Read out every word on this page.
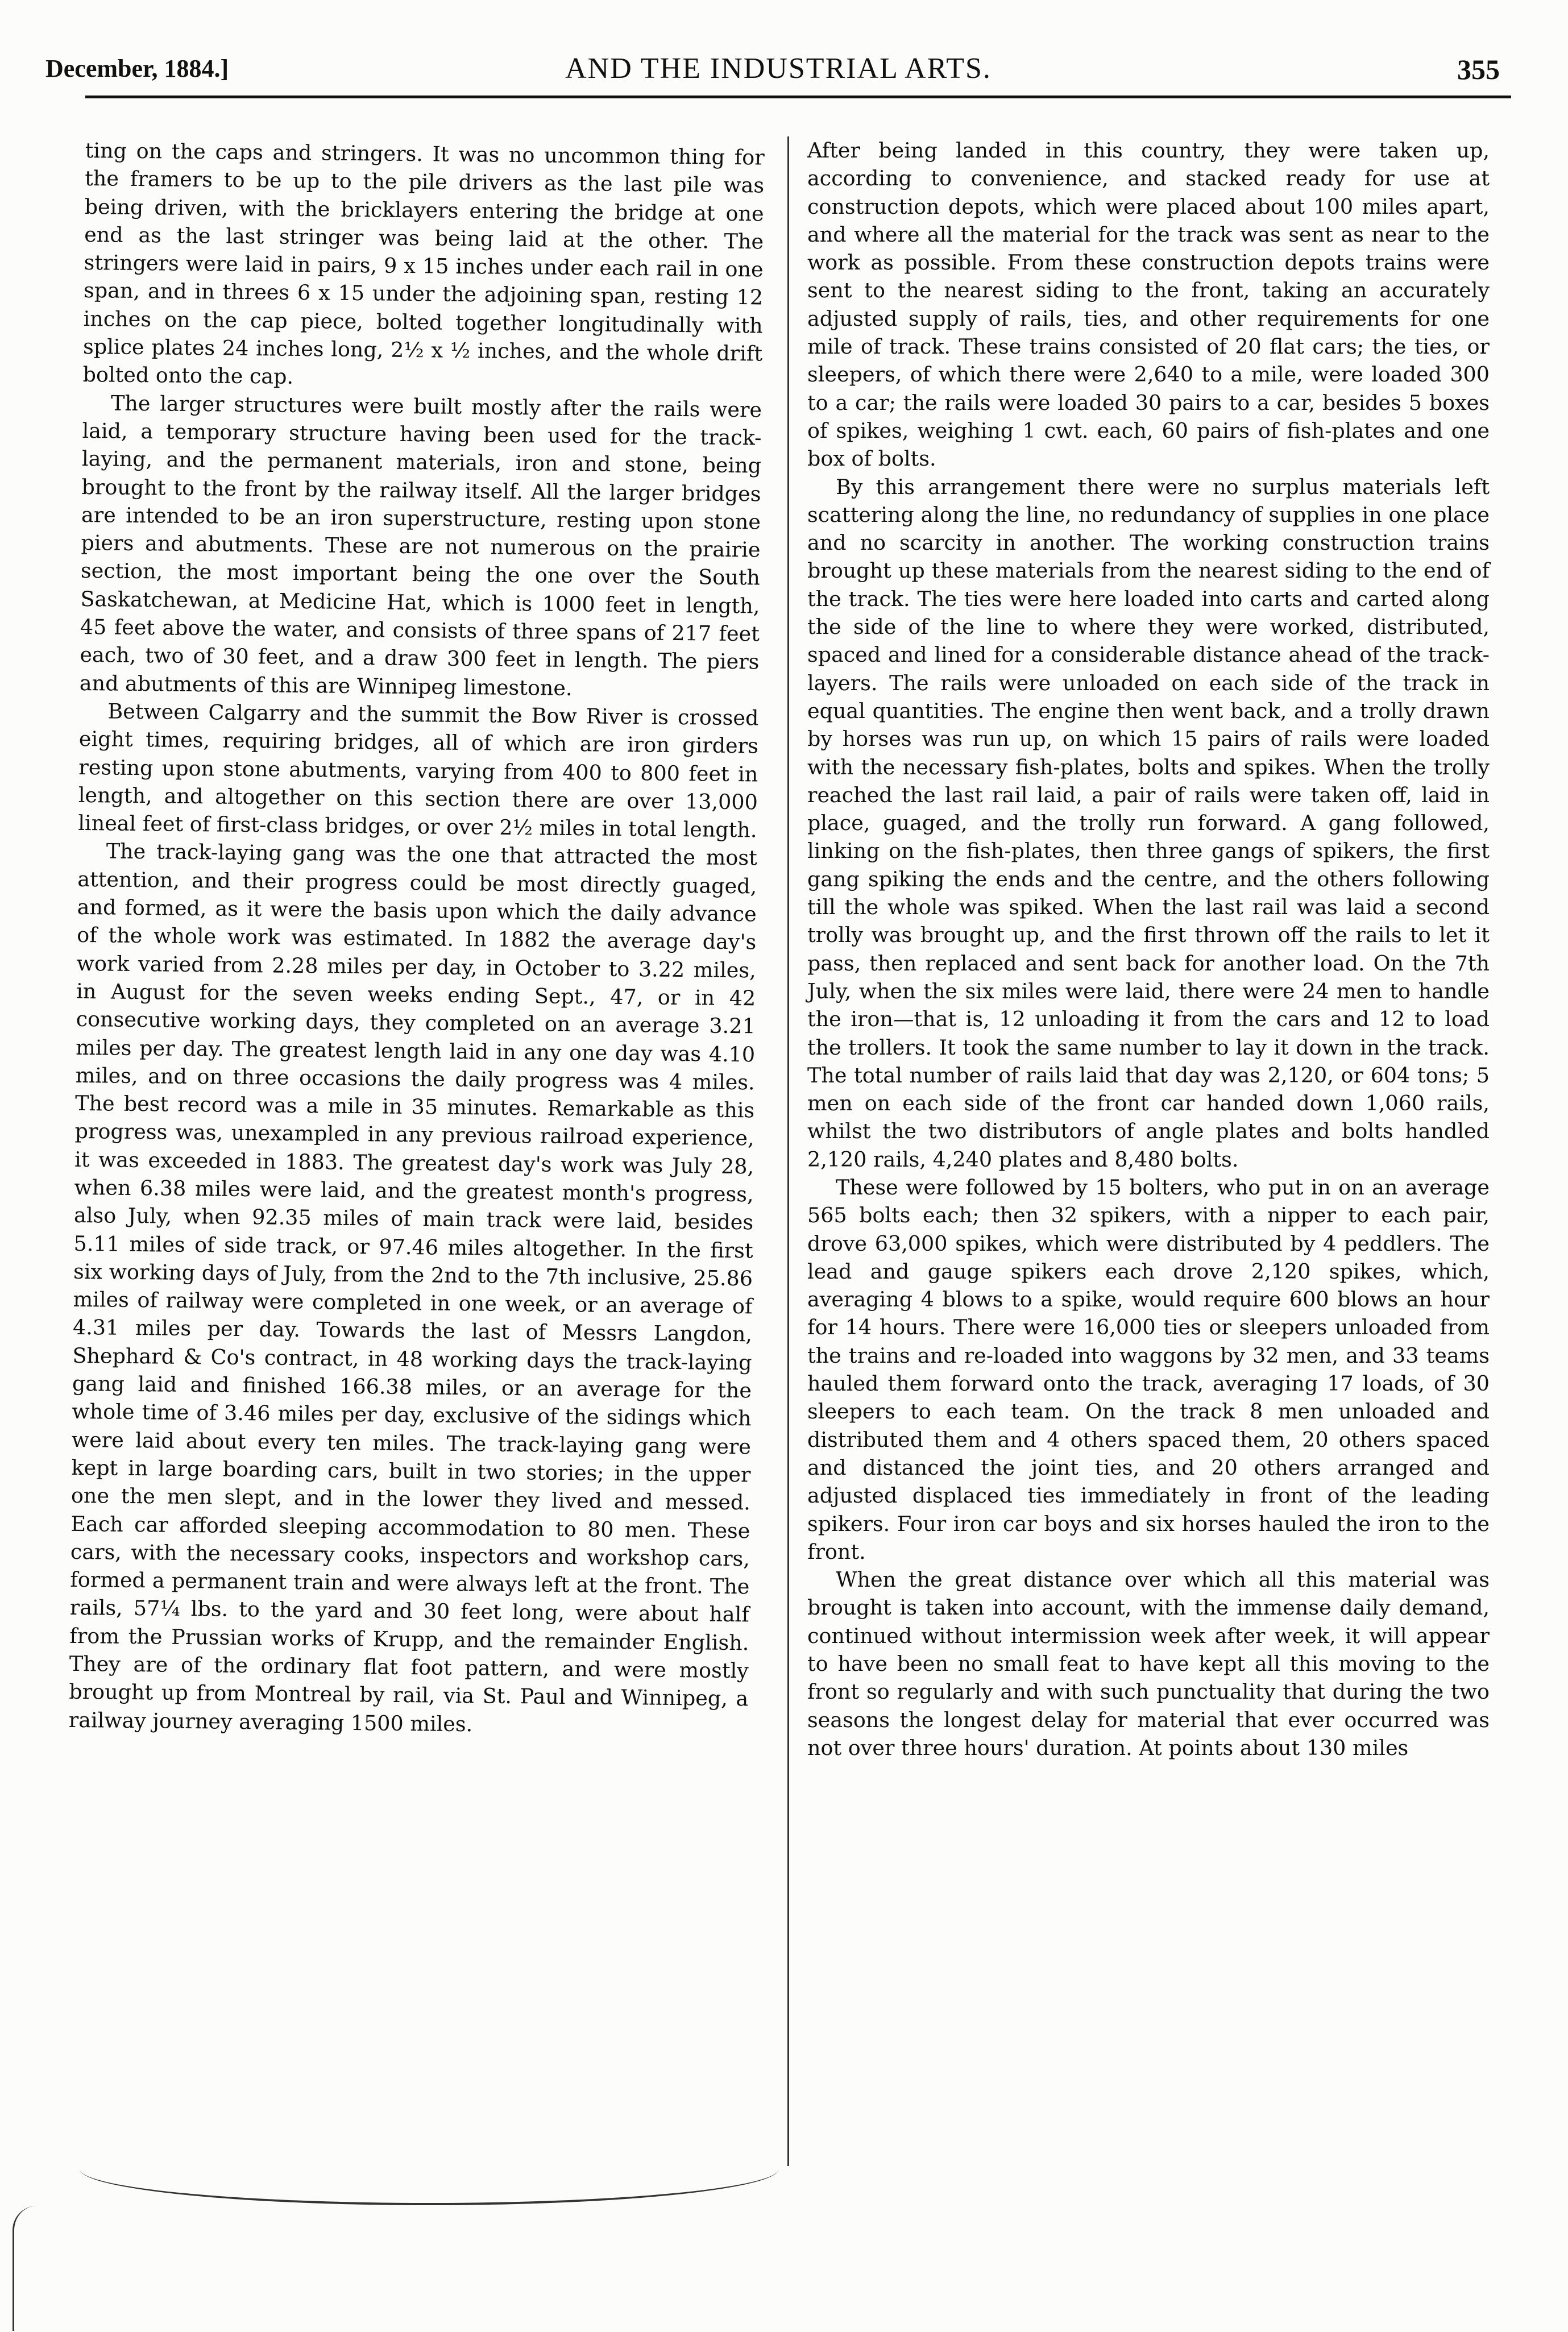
December, 1884.]	AND THE INDUSTRIAL ARTS.	355

ting on the caps and stringers. It was no uncommon thing for the framers to be up to the pile drivers as the last pile was being driven, with the bricklayers entering the bridge at one end as the last stringer was being laid at the other. The stringers were laid in pairs, 9 x 15 inches under each rail in one span, and in threes 6 x 15 under the adjoining span, resting 12 inches on the cap piece, bolted together longitudinally with splice plates 24 inches long, 2½ x ½ inches, and the whole drift bolted onto the cap.

The larger structures were built mostly after the rails were laid, a temporary structure having been used for the track-laying, and the permanent materials, iron and stone, being brought to the front by the railway itself. All the larger bridges are intended to be an iron superstructure, resting upon stone piers and abutments. These are not numerous on the prairie section, the most important being the one over the South Saskatchewan, at Medicine Hat, which is 1000 feet in length, 45 feet above the water, and consists of three spans of 217 feet each, two of 30 feet, and a draw 300 feet in length. The piers and abutments of this are Winnipeg limestone.

Between Calgarry and the summit the Bow River is crossed eight times, requiring bridges, all of which are iron girders resting upon stone abutments, varying from 400 to 800 feet in length, and altogether on this section there are over 13,000 lineal feet of first-class bridges, or over 2½ miles in total length.

The track-laying gang was the one that attracted the most attention, and their progress could be most directly guaged, and formed, as it were the basis upon which the daily advance of the whole work was estimated. In 1882 the average day's work varied from 2.28 miles per day, in October to 3.22 miles, in August for the seven weeks ending Sept., 47, or in 42 consecutive working days, they completed on an average 3.21 miles per day. The greatest length laid in any one day was 4.10 miles, and on three occasions the daily progress was 4 miles. The best record was a mile in 35 minutes. Remarkable as this progress was, unexampled in any previous railroad experience, it was exceeded in 1883. The greatest day's work was July 28, when 6.38 miles were laid, and the greatest month's progress, also July, when 92.35 miles of main track were laid, besides 5.11 miles of side track, or 97.46 miles altogether. In the first six working days of July, from the 2nd to the 7th inclusive, 25.86 miles of railway were completed in one week, or an average of 4.31 miles per day. Towards the last of Messrs Langdon, Shephard & Co's contract, in 48 working days the track-laying gang laid and finished 166.38 miles, or an average for the whole time of 3.46 miles per day, exclusive of the sidings which were laid about every ten miles. The track-laying gang were kept in large boarding cars, built in two stories; in the upper one the men slept, and in the lower they lived and messed. Each car afforded sleeping accommodation to 80 men. These cars, with the necessary cooks, inspectors and workshop cars, formed a permanent train and were always left at the front. The rails, 57¼ lbs. to the yard and 30 feet long, were about half from the Prussian works of Krupp, and the remainder English. They are of the ordinary flat foot pattern, and were mostly brought up from Montreal by rail, via St. Paul and Winnipeg, a railway journey averaging 1500 miles.

After being landed in this country, they were taken up, according to convenience, and stacked ready for use at construction depots, which were placed about 100 miles apart, and where all the material for the track was sent as near to the work as possible. From these construction depots trains were sent to the nearest siding to the front, taking an accurately adjusted supply of rails, ties, and other requirements for one mile of track. These trains consisted of 20 flat cars; the ties, or sleepers, of which there were 2,640 to a mile, were loaded 300 to a car; the rails were loaded 30 pairs to a car, besides 5 boxes of spikes, weighing 1 cwt. each, 60 pairs of fish-plates and one box of bolts.

By this arrangement there were no surplus materials left scattering along the line, no redundancy of supplies in one place and no scarcity in another. The working construction trains brought up these materials from the nearest siding to the end of the track. The ties were here loaded into carts and carted along the side of the line to where they were worked, distributed, spaced and lined for a considerable distance ahead of the track-layers. The rails were unloaded on each side of the track in equal quantities. The engine then went back, and a trolly drawn by horses was run up, on which 15 pairs of rails were loaded with the necessary fish-plates, bolts and spikes. When the trolly reached the last rail laid, a pair of rails were taken off, laid in place, guaged, and the trolly run forward. A gang followed, linking on the fish-plates, then three gangs of spikers, the first gang spiking the ends and the centre, and the others following till the whole was spiked. When the last rail was laid a second trolly was brought up, and the first thrown off the rails to let it pass, then replaced and sent back for another load. On the 7th July, when the six miles were laid, there were 24 men to handle the iron—that is, 12 unloading it from the cars and 12 to load the trollers. It took the same number to lay it down in the track. The total number of rails laid that day was 2,120, or 604 tons; 5 men on each side of the front car handed down 1,060 rails, whilst the two distributors of angle plates and bolts handled 2,120 rails, 4,240 plates and 8,480 bolts.

These were followed by 15 bolters, who put in on an average 565 bolts each; then 32 spikers, with a nipper to each pair, drove 63,000 spikes, which were distributed by 4 peddlers. The lead and gauge spikers each drove 2,120 spikes, which, averaging 4 blows to a spike, would require 600 blows an hour for 14 hours. There were 16,000 ties or sleepers unloaded from the trains and re-loaded into waggons by 32 men, and 33 teams hauled them forward onto the track, averaging 17 loads, of 30 sleepers to each team. On the track 8 men unloaded and distributed them and 4 others spaced them, 20 others spaced and distanced the joint ties, and 20 others arranged and adjusted displaced ties immediately in front of the leading spikers. Four iron car boys and six horses hauled the iron to the front.

When the great distance over which all this material was brought is taken into account, with the immense daily demand, continued without intermission week after week, it will appear to have been no small feat to have kept all this moving to the front so regularly and with such punctuality that during the two seasons the longest delay for material that ever occurred was not over three hours' duration. At points about 130 miles
